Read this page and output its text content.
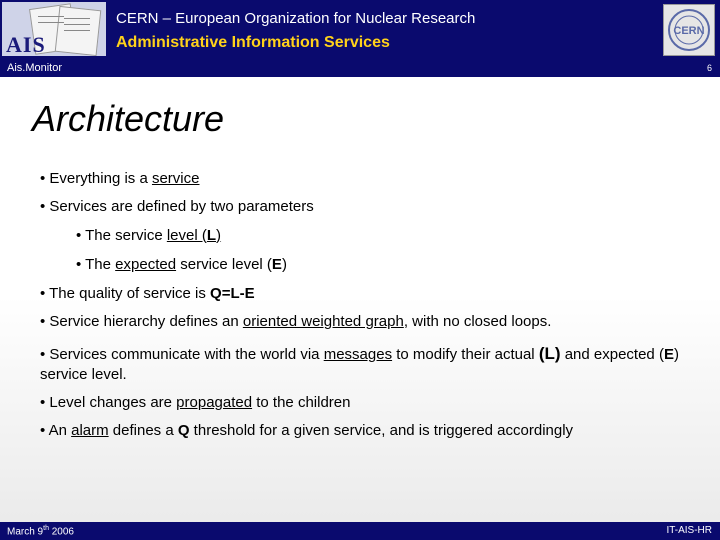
AIS
CERN – European Organization for Nuclear Research
Administrative Information Services
CERN
Ais.Monitor	6
Architecture
• Everything is a service
• Services are defined by two parameters
• The service level (L)
• The expected service level (E)
• The quality of service is Q=L-E
• Service hierarchy defines an oriented weighted graph, with no closed loops.
• Services communicate with the world via messages to modify their actual (L) and expected (E) service level.
• Level changes are propagated to the children
• An alarm defines a Q threshold for a given service, and is triggered accordingly
March 9th 2006	IT-AIS-HR
